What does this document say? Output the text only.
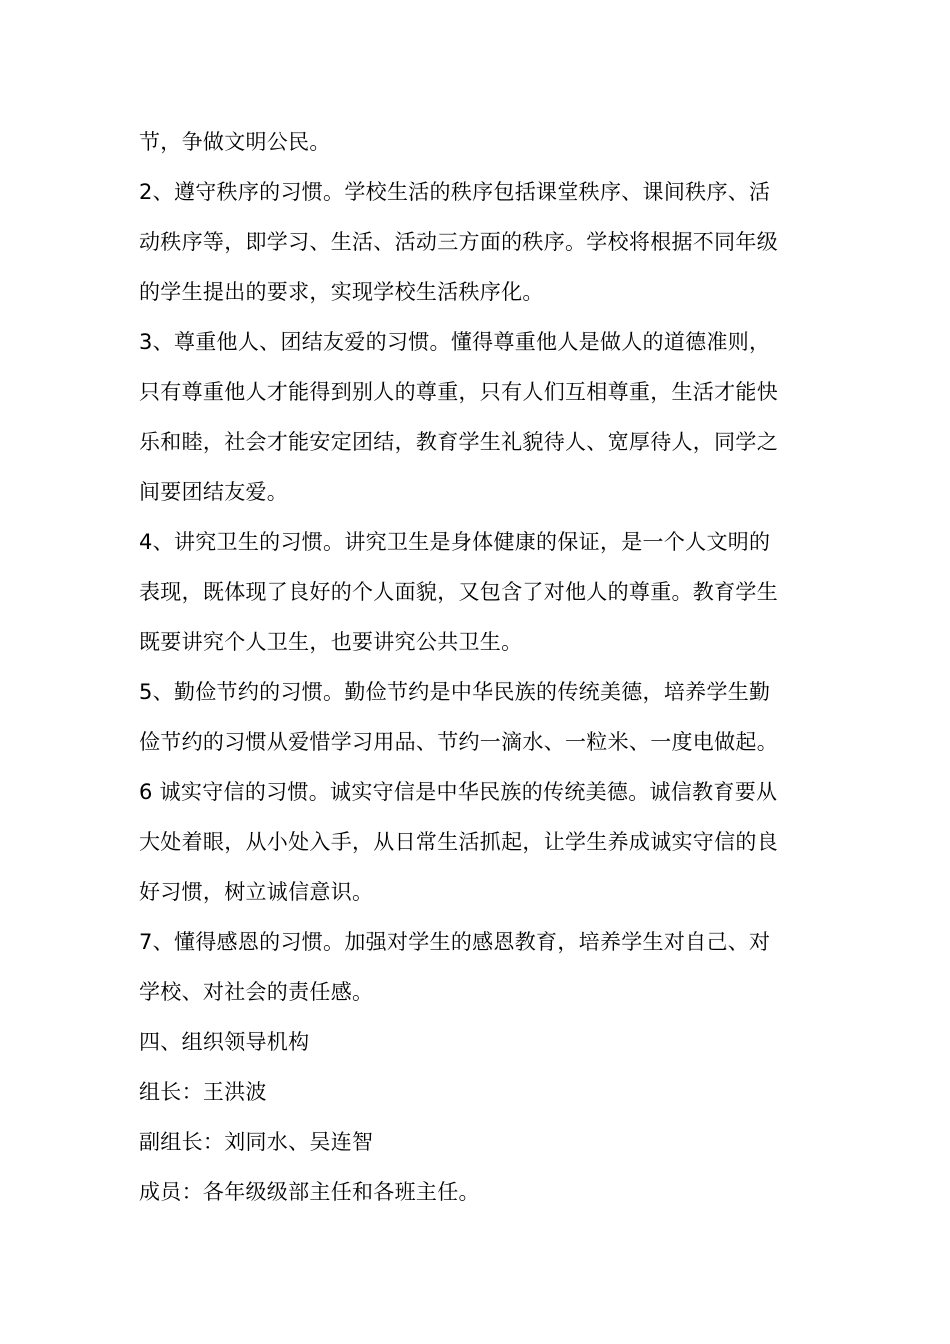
节，争做文明公民。
2、遵守秩序的习惯。学校生活的秩序包括课堂秩序、课间秩序、活
动秩序等，即学习、生活、活动三方面的秩序。学校将根据不同年级
的学生提出的要求，实现学校生活秩序化。
3、尊重他人、团结友爱的习惯。懂得尊重他人是做人的道德准则，
只有尊重他人才能得到别人的尊重，只有人们互相尊重，生活才能快
乐和睦，社会才能安定团结，教育学生礼貌待人、宽厚待人，同学之
间要团结友爱。
4、讲究卫生的习惯。讲究卫生是身体健康的保证，是一个人文明的
表现，既体现了良好的个人面貌，又包含了对他人的尊重。教育学生
既要讲究个人卫生，也要讲究公共卫生。
5、勤俭节约的习惯。勤俭节约是中华民族的传统美德，培养学生勤
俭节约的习惯从爱惜学习用品、节约一滴水、一粒米、一度电做起。
6 诚实守信的习惯。诚实守信是中华民族的传统美德。诚信教育要从
大处着眼，从小处入手，从日常生活抓起，让学生养成诚实守信的良
好习惯，树立诚信意识。
7、懂得感恩的习惯。加强对学生的感恩教育，培养学生对自己、对
学校、对社会的责任感。
四、组织领导机构
组长：王洪波
副组长：刘同水、吴连智
成员：各年级级部主任和各班主任。
